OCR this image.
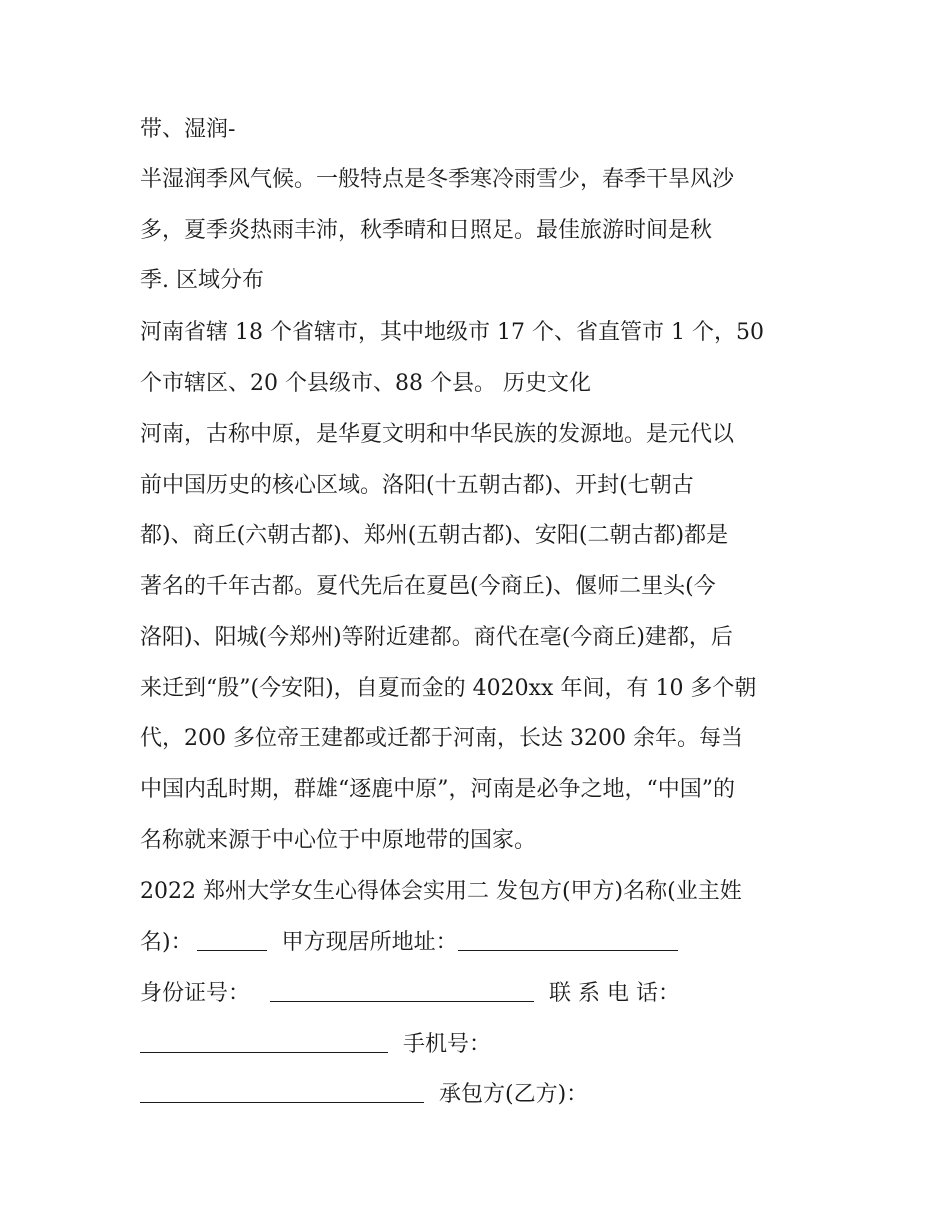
带、湿润-
半湿润季风气候。一般特点是冬季寒冷雨雪少，春季干旱风沙
多，夏季炎热雨丰沛，秋季晴和日照足。最佳旅游时间是秋
季. 区域分布
河南省辖 18 个省辖市，其中地级市 17 个、省直管市 1 个，50
个市辖区、20 个县级市、88 个县。 历史文化
河南，古称中原，是华夏文明和中华民族的发源地。是元代以
前中国历史的核心区域。洛阳(十五朝古都)、开封(七朝古
都)、商丘(六朝古都)、郑州(五朝古都)、安阳(二朝古都)都是
著名的千年古都。夏代先后在夏邑(今商丘)、偃师二里头(今
洛阳)、阳城(今郑州)等附近建都。商代在亳(今商丘)建都，后
来迁到“殷”(今安阳)，自夏而金的 4020xx 年间，有 10 多个朝
代，200 多位帝王建都或迁都于河南，长达 3200 余年。每当
中国内乱时期，群雄“逐鹿中原”，河南是必争之地，“中国”的
名称就来源于中心位于中原地带的国家。
2022 郑州大学女生心得体会实用二 发包方(甲方)名称(业主姓
名)：	甲方现居所地址：
身份证号：	联 系 电 话：
手机号：
承包方(乙方)：
